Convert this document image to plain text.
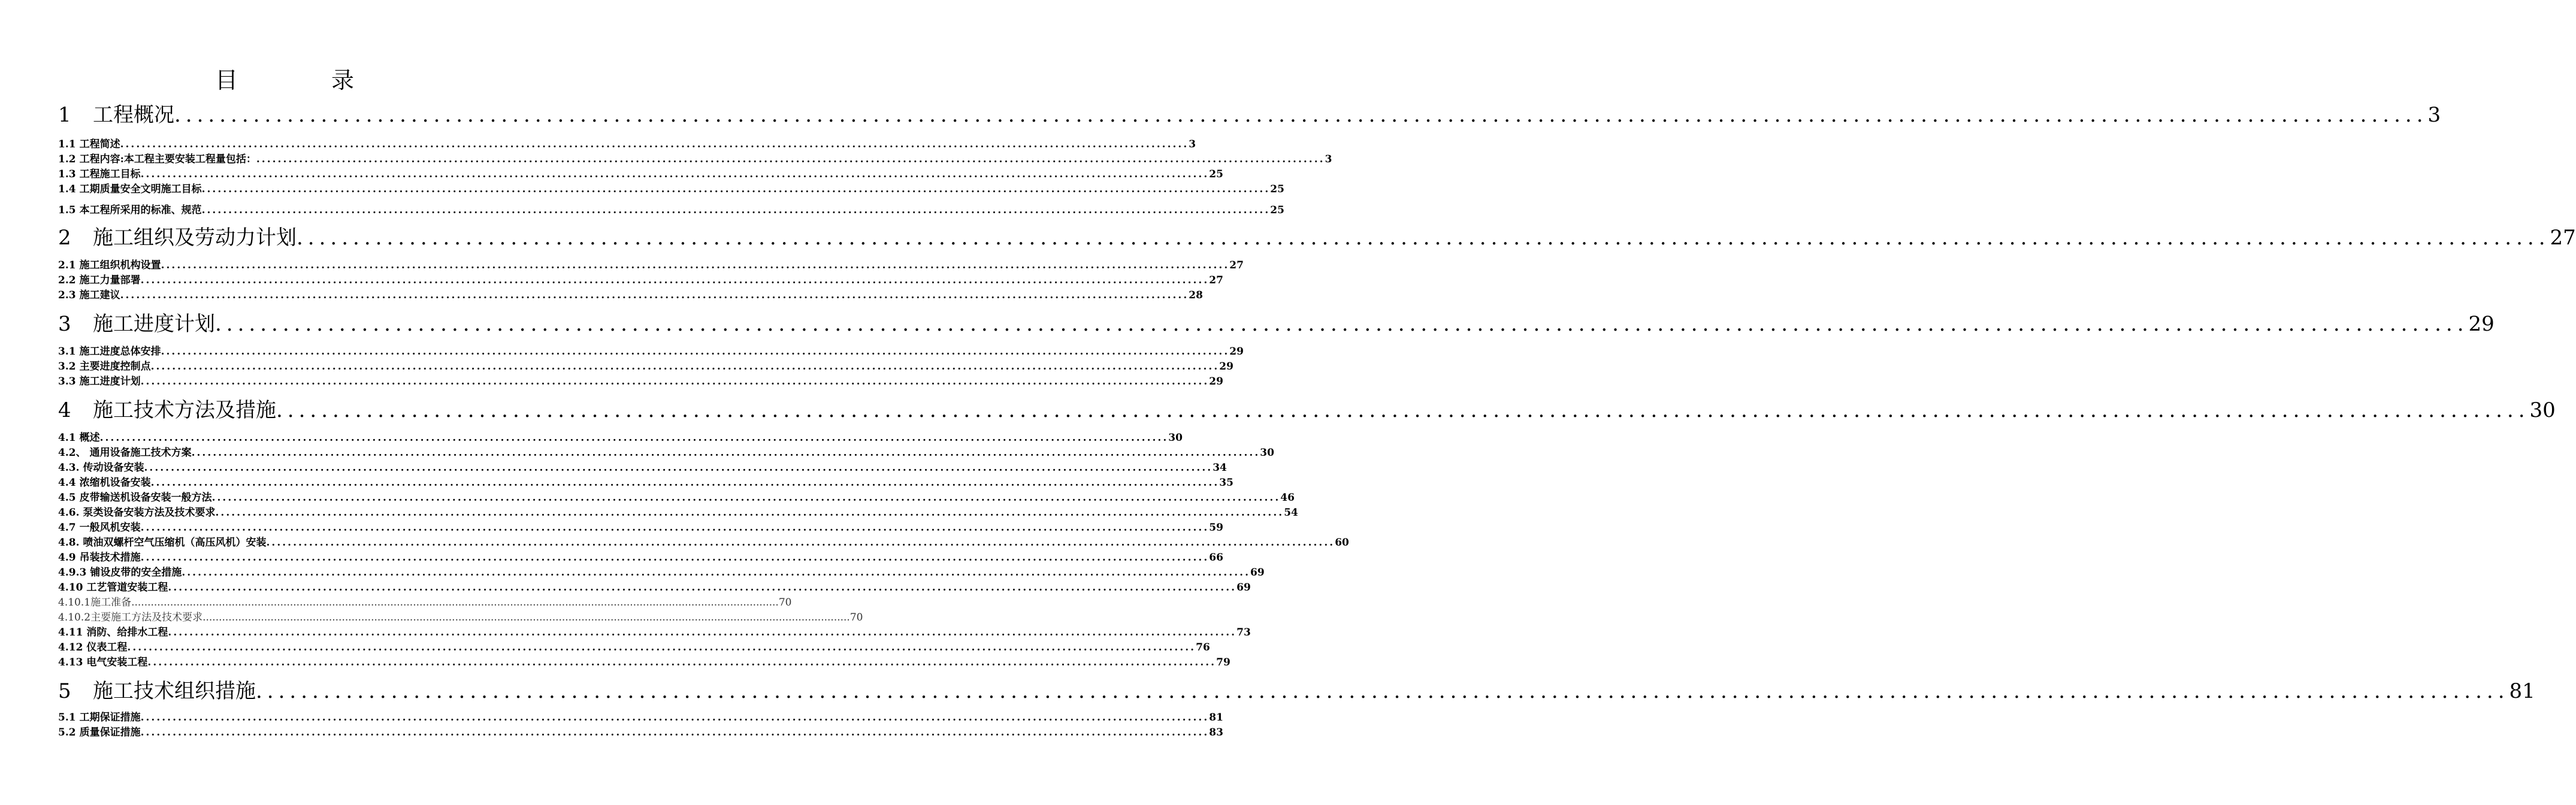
目 录
1	工程概况 ........................................................................................................................................................................................................ 3
1.1 工程简述 ........................................................................................................................................................................................................ 3
1.2 工程内容:本工程主要安装工程量包括： ........................................................................................................................................................................................................ 3
1.3 工程施工目标 ........................................................................................................................................................................................................ 25
1.4 工期质量安全文明施工目标 ........................................................................................................................................................................................................ 25
1.5 本工程所采用的标准、规范 ........................................................................................................................................................................................................ 25
2	施工组织及劳动力计划 ........................................................................................................................................................................................................ 27
2.1 施工组织机构设置 ........................................................................................................................................................................................................ 27
2.2 施工力量部署 ........................................................................................................................................................................................................ 27
2.3 施工建议 ........................................................................................................................................................................................................ 28
3	施工进度计划 ........................................................................................................................................................................................................ 29
3.1 施工进度总体安排 ........................................................................................................................................................................................................ 29
3.2 主要进度控制点 ........................................................................................................................................................................................................ 29
3.3 施工进度计划 ........................................................................................................................................................................................................ 29
4	施工技术方法及措施 ........................................................................................................................................................................................................ 30
4.1 概述 ........................................................................................................................................................................................................ 30
4.2、 通用设备施工技术方案 ........................................................................................................................................................................................................ 30
4.3. 传动设备安装 ........................................................................................................................................................................................................ 34
4.4 浓缩机设备安装 ........................................................................................................................................................................................................ 35
4.5 皮带输送机设备安装一般方法 ........................................................................................................................................................................................................ 46
4.6. 泵类设备安装方法及技术要求 ........................................................................................................................................................................................................ 54
4.7 一般风机安装 ........................................................................................................................................................................................................ 59
4.8. 喷油双螺杆空气压缩机（高压风机）安装 ........................................................................................................................................................................................................ 60
4.9 吊装技术措施 ........................................................................................................................................................................................................ 66
4.9.3 铺设皮带的安全措施 ........................................................................................................................................................................................................ 69
4.10 工艺管道安装工程 ........................................................................................................................................................................................................ 69
4.10.1 施工准备 ........................................................................................................................................................................................................ 70
4.10.2 主要施工方法及技术要求 ........................................................................................................................................................................................................ 70
4.11 消防、给排水工程 ........................................................................................................................................................................................................ 73
4.12 仪表工程 ........................................................................................................................................................................................................ 76
4.13 电气安装工程 ........................................................................................................................................................................................................ 79
5	施工技术组织措施 ........................................................................................................................................................................................................ 81
5.1 工期保证措施 ........................................................................................................................................................................................................ 81
5.2 质量保证措施 ........................................................................................................................................................................................................ 83
